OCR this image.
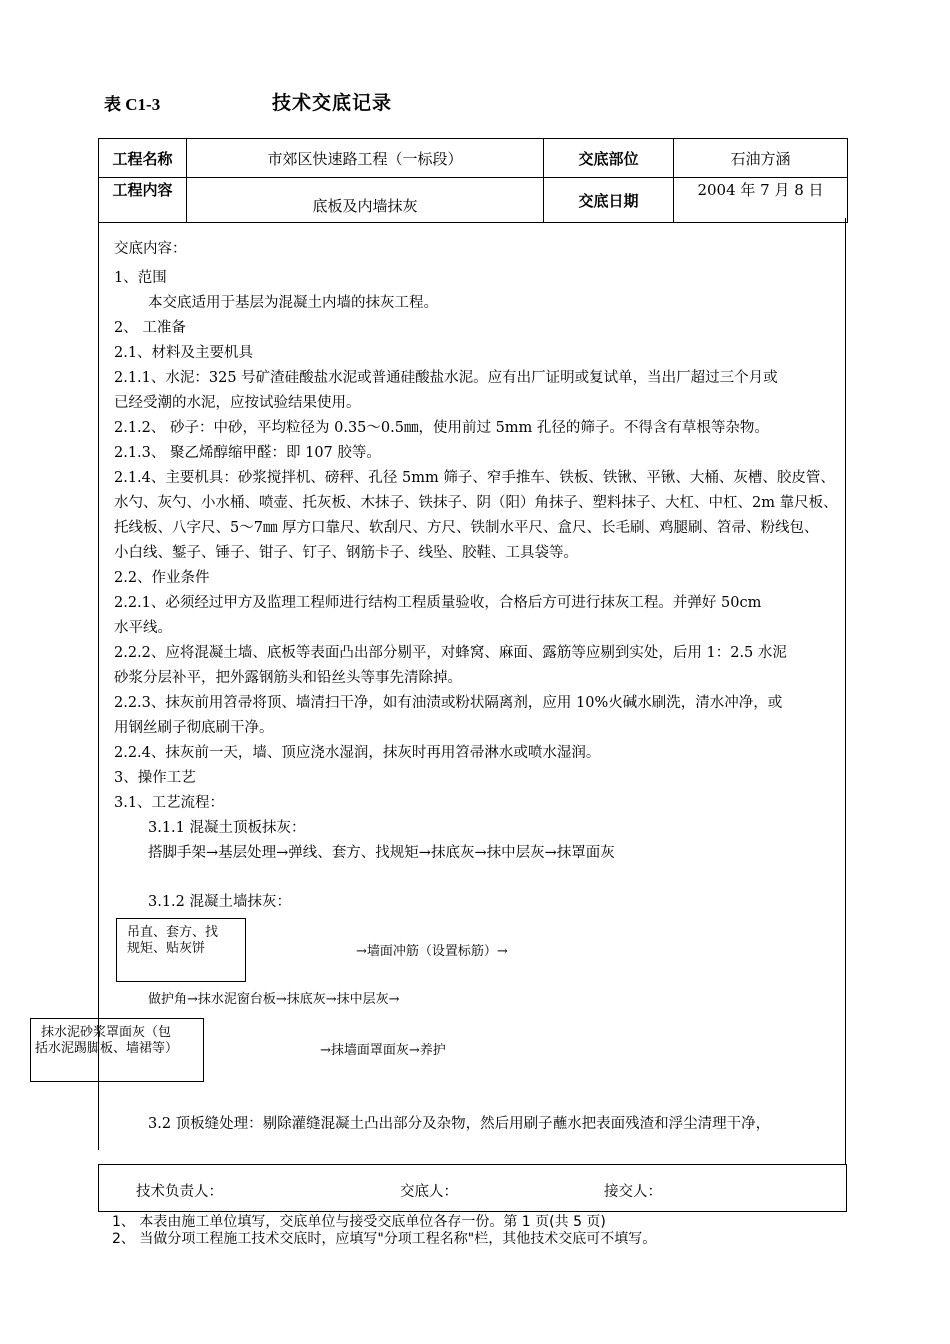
表 C1-3	技术交底记录
工程名称	市郊区快速路工程（一标段）	交底部位	石油方涵
工程内容	底板及内墙抹灰	交底日期	2004 年 7 月 8 日
交底内容：
1、范围
本交底适用于基层为混凝土内墙的抹灰工程。
2、 工准备
2.1、材料及主要机具
2.1.1、水泥：325 号矿渣硅酸盐水泥或普通硅酸盐水泥。应有出厂证明或复试单，当出厂超过三个月或
已经受潮的水泥，应按试验结果使用。
2.1.2、 砂子：中砂，平均粒径为 0.35～0.5㎜，使用前过 5mm 孔径的筛子。不得含有草根等杂物。
2.1.3、 聚乙烯醇缩甲醛：即 107 胶等。
2.1.4、主要机具：砂浆搅拌机、磅秤、孔径 5mm 筛子、窄手推车、铁板、铁锹、平锹、大桶、灰槽、胶皮管、
水勺、灰勺、小水桶、喷壶、托灰板、木抹子、铁抹子、阴（阳）角抹子、塑料抹子、大杠、中杠、2m 靠尺板、
托线板、八字尺、5～7㎜ 厚方口靠尺、软刮尺、方尺、铁制水平尺、盒尺、长毛刷、鸡腿刷、笤帚、粉线包、
小白线、錾子、锤子、钳子、钉子、钢筋卡子、线坠、胶鞋、工具袋等。
2.2、作业条件
2.2.1、必须经过甲方及监理工程师进行结构工程质量验收，合格后方可进行抹灰工程。并弹好 50cm
水平线。
2.2.2、应将混凝土墙、底板等表面凸出部分剔平，对蜂窝、麻面、露筋等应剔到实处，后用 1：2.5 水泥
砂浆分层补平，把外露钢筋头和铅丝头等事先清除掉。
2.2.3、抹灰前用笤帚将顶、墙清扫干净，如有油渍或粉状隔离剂，应用 10%火碱水刷洗，清水冲净，或
用钢丝刷子彻底刷干净。
2.2.4、抹灰前一天，墙、顶应浇水湿润，抹灰时再用笤帚淋水或喷水湿润。
3、操作工艺
3.1、工艺流程：
3.1.1 混凝土顶板抹灰：
搭脚手架→基层处理→弹线、套方、找规矩→抹底灰→抹中层灰→抹罩面灰
3.1.2 混凝土墙抹灰：
吊直、套方、找
规矩、贴灰饼	→墙面冲筋（设置标筋）→
做护角→抹水泥窗台板→抹底灰→抹中层灰→
抹水泥砂浆罩面灰（包
括水泥踢脚板、墙裙等）	→抹墙面罩面灰→养护
3.2 顶板缝处理：剔除灌缝混凝土凸出部分及杂物，然后用刷子蘸水把表面残渣和浮尘清理干净，
技术负责人：	交底人：	接交人：
1、 本表由施工单位填写，交底单位与接受交底单位各存一份。第 1 页(共 5 页)
2、 当做分项工程施工技术交底时，应填写"分项工程名称"栏，其他技术交底可不填写。
